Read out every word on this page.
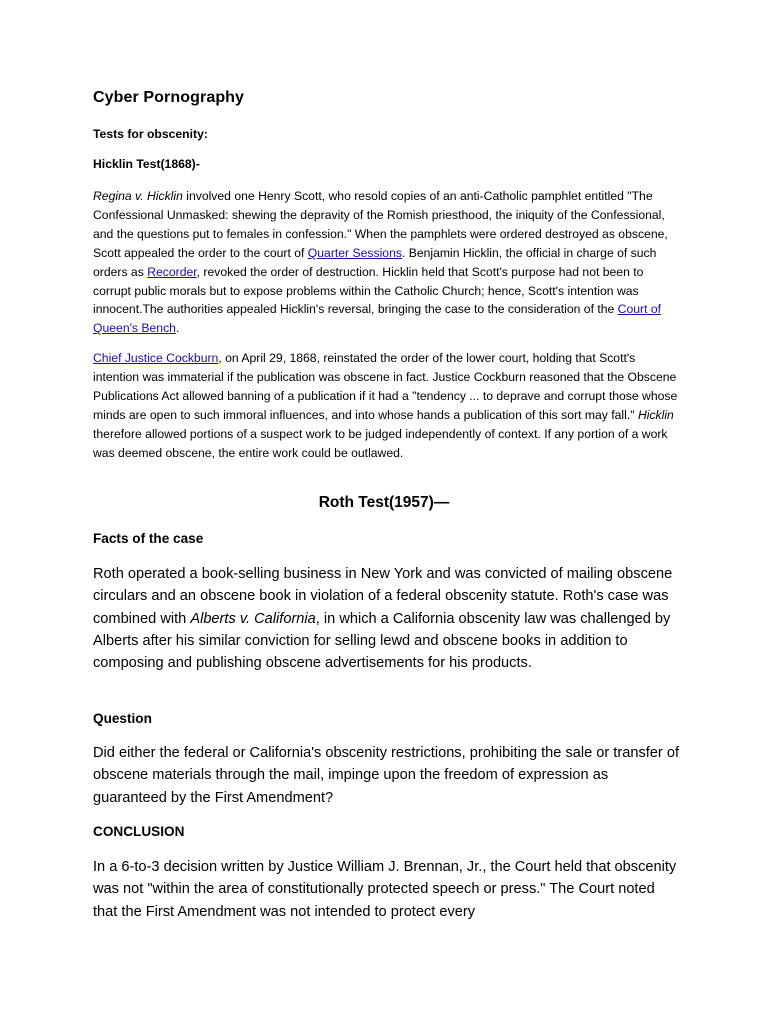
Cyber Pornography
Tests for obscenity:
Hicklin Test(1868)-
Regina v. Hicklin involved one Henry Scott, who resold copies of an anti-Catholic pamphlet entitled "The Confessional Unmasked: shewing the depravity of the Romish priesthood, the iniquity of the Confessional, and the questions put to females in confession." When the pamphlets were ordered destroyed as obscene, Scott appealed the order to the court of Quarter Sessions. Benjamin Hicklin, the official in charge of such orders as Recorder, revoked the order of destruction. Hicklin held that Scott's purpose had not been to corrupt public morals but to expose problems within the Catholic Church; hence, Scott's intention was innocent.The authorities appealed Hicklin's reversal, bringing the case to the consideration of the Court of Queen's Bench.
Chief Justice Cockburn, on April 29, 1868, reinstated the order of the lower court, holding that Scott's intention was immaterial if the publication was obscene in fact. Justice Cockburn reasoned that the Obscene Publications Act allowed banning of a publication if it had a "tendency ... to deprave and corrupt those whose minds are open to such immoral influences, and into whose hands a publication of this sort may fall." Hicklin therefore allowed portions of a suspect work to be judged independently of context. If any portion of a work was deemed obscene, the entire work could be outlawed.
Roth Test(1957)—
Facts of the case
Roth operated a book-selling business in New York and was convicted of mailing obscene circulars and an obscene book in violation of a federal obscenity statute. Roth's case was combined with Alberts v. California, in which a California obscenity law was challenged by Alberts after his similar conviction for selling lewd and obscene books in addition to composing and publishing obscene advertisements for his products.
Question
Did either the federal or California's obscenity restrictions, prohibiting the sale or transfer of obscene materials through the mail, impinge upon the freedom of expression as guaranteed by the First Amendment?
CONCLUSION
In a 6-to-3 decision written by Justice William J. Brennan, Jr., the Court held that obscenity was not "within the area of constitutionally protected speech or press." The Court noted that the First Amendment was not intended to protect every
